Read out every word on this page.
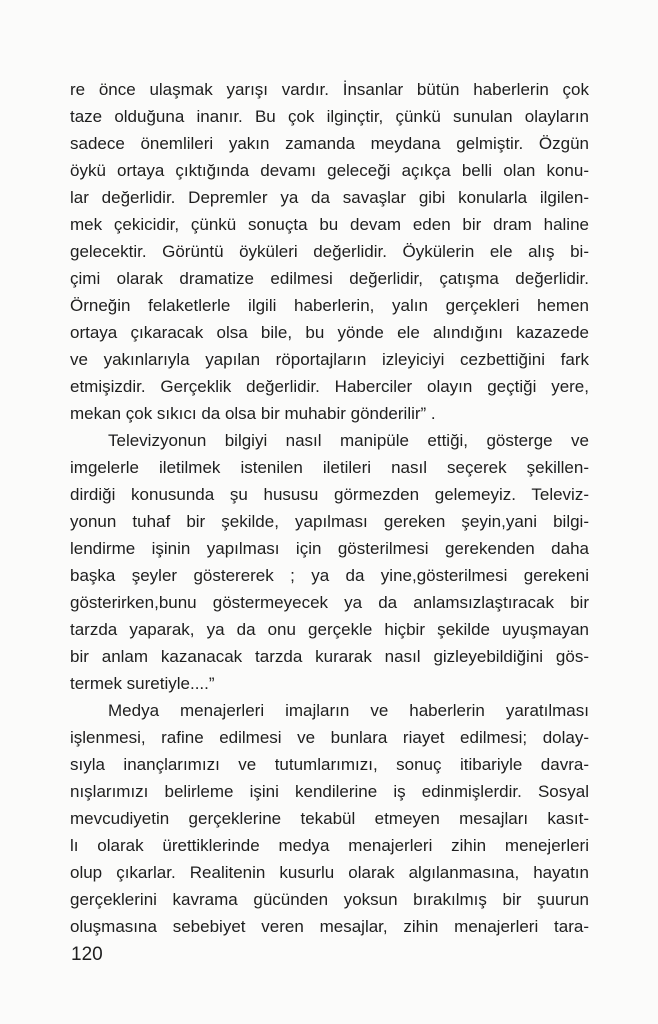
re önce ulaşmak yarışı vardır. İnsanlar bütün haberlerin çok
taze olduğuna inanır. Bu çok ilginçtir, çünkü sunulan olayların
sadece önemlileri yakın zamanda meydana gelmiştir. Özgün
öykü ortaya çıktığında devamı geleceği açıkça belli olan konu-
lar değerlidir. Depremler ya da savaşlar gibi konularla ilgilen-
mek çekicidir, çünkü sonuçta bu devam eden bir dram haline
gelecektir. Görüntü öyküleri değerlidir. Öykülerin ele alış bi-
çimi olarak dramatize edilmesi değerlidir, çatışma değerlidir.
Örneğin felaketlerle ilgili haberlerin, yalın gerçekleri hemen
ortaya çıkaracak olsa bile, bu yönde ele alındığını kazazede
ve yakınlarıyla yapılan röportajların izleyiciyi cezbettiğini fark
etmişizdir. Gerçeklik değerlidir. Haberciler olayın geçtiği yere,
mekan çok sıkıcı da olsa bir muhabir gönderilir” .
Televizyonun bilgiyi nasıl manipüle ettiği, gösterge ve
imgelerle iletilmek istenilen iletileri nasıl seçerek şekillen-
dirdiği konusunda şu hususu görmezden gelemeyiz. Televiz-
yonun tuhaf bir şekilde, yapılması gereken şeyin,yani bilgi-
lendirme işinin yapılması için gösterilmesi gerekenden daha
başka şeyler göstererek ; ya da yine,gösterilmesi gerekeni
gösterirken,bunu göstermeyecek ya da anlamsızlaştıracak bir
tarzda yaparak, ya da onu gerçekle hiçbir şekilde uyuşmayan
bir anlam kazanacak tarzda kurarak nasıl gizleyebildiğini gös-
termek suretiyle....”
Medya menajerleri imajların ve haberlerin yaratılması
işlenmesi, rafine edilmesi ve bunlara riayet edilmesi; dolay-
sıyla inançlarımızı ve tutumlarımızı, sonuç itibariyle davra-
nışlarımızı belirleme işini kendilerine iş edinmişlerdir. Sosyal
mevcudiyetin gerçeklerine tekabül etmeyen mesajları kasıt-
lı olarak ürettiklerinde medya menajerleri zihin menejerleri
olup çıkarlar. Realitenin kusurlu olarak algılanmasına, hayatın
gerçeklerini kavrama gücünden yoksun bırakılmış bir şuurun
oluşmasına sebebiyet veren mesajlar, zihin menajerleri tara-
120
